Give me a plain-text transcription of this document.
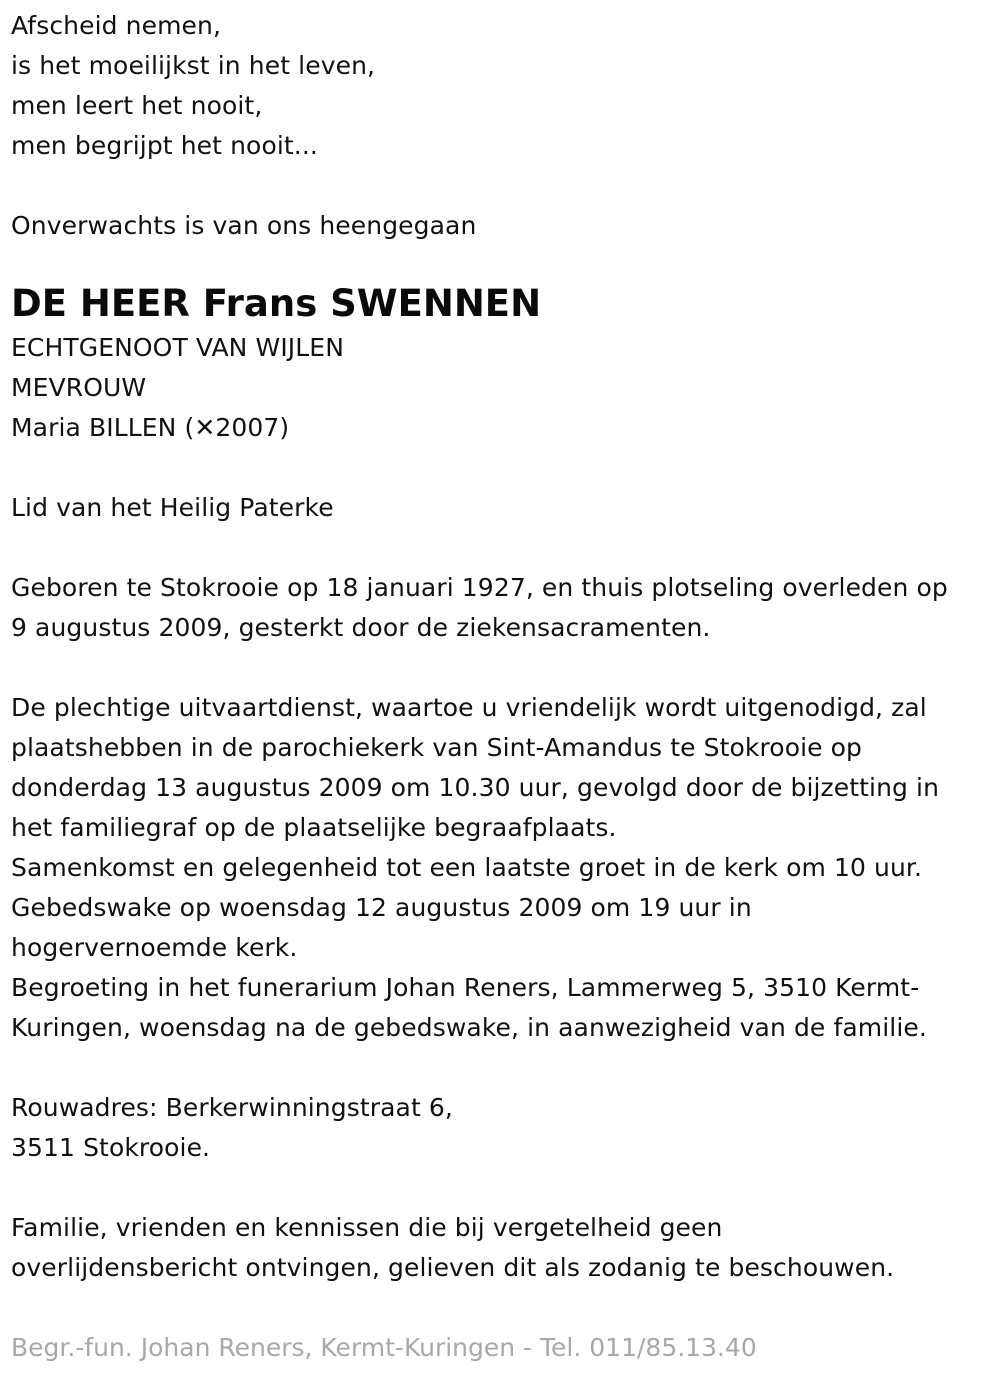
Afscheid nemen,
is het moeilijkst in het leven,
men leert het nooit,
men begrijpt het nooit...
Onverwachts is van ons heengegaan
DE HEER Frans SWENNEN
ECHTGENOOT VAN WIJLEN
MEVROUW
Maria BILLEN (✕2007)
Lid van het Heilig Paterke
Geboren te Stokrooie op 18 januari 1927, en thuis plotseling overleden op
9 augustus 2009, gesterkt door de ziekensacramenten.
De plechtige uitvaartdienst, waartoe u vriendelijk wordt uitgenodigd, zal
plaatshebben in de parochiekerk van Sint-Amandus te Stokrooie op
donderdag 13 augustus 2009 om 10.30 uur, gevolgd door de bijzetting in
het familiegraf op de plaatselijke begraafplaats.
Samenkomst en gelegenheid tot een laatste groet in de kerk om 10 uur.
Gebedswake op woensdag 12 augustus 2009 om 19 uur in
hogervernoemde kerk.
Begroeting in het funerarium Johan Reners, Lammerweg 5, 3510 Kermt-
Kuringen, woensdag na de gebedswake, in aanwezigheid van de familie.
Rouwadres: Berkerwinningstraat 6,
3511 Stokrooie.
Familie, vrienden en kennissen die bij vergetelheid geen
overlijdensbericht ontvingen, gelieven dit als zodanig te beschouwen.
Begr.-fun. Johan Reners, Kermt-Kuringen - Tel. 011/85.13.40
